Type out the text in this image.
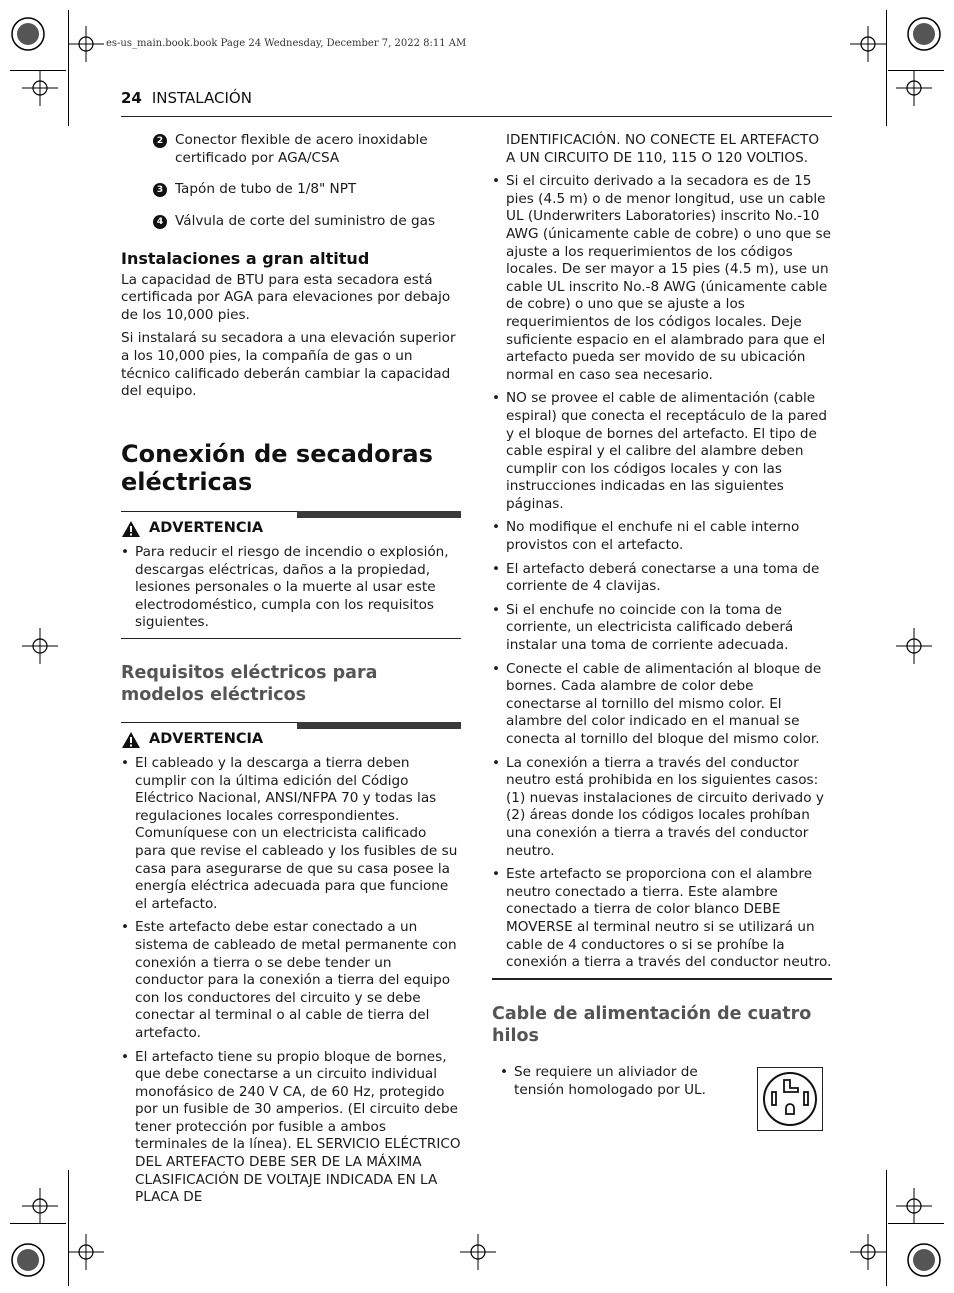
es-us_main.book.book Page 24 Wednesday, December 7, 2022 8:11 AM
24 INSTALACIÓN
2 Conector flexible de acero inoxidable certificado por AGA/CSA
3 Tapón de tubo de 1/8" NPT
4 Válvula de corte del suministro de gas
Instalaciones a gran altitud

La capacidad de BTU para esta secadora está certificada por AGA para elevaciones por debajo de los 10,000 pies.

Si instalará su secadora a una elevación superior a los 10,000 pies, la compañía de gas o un técnico calificado deberán cambiar la capacidad del equipo.

Conexión de secadoras eléctricas
ADVERTENCIA
• Para reducir el riesgo de incendio o explosión, descargas eléctricas, daños a la propiedad, lesiones personales o la muerte al usar este electrodoméstico, cumpla con los requisitos siguientes.
Requisitos eléctricos para modelos eléctricos
ADVERTENCIA
• El cableado y la descarga a tierra deben cumplir con la última edición del Código Eléctrico Nacional, ANSI/NFPA 70 y todas las regulaciones locales correspondientes. Comuníquese con un electricista calificado para que revise el cableado y los fusibles de su casa para asegurarse de que su casa posee la energía eléctrica adecuada para que funcione el artefacto.
• Este artefacto debe estar conectado a un sistema de cableado de metal permanente con conexión a tierra o se debe tender un conductor para la conexión a tierra del equipo con los conductores del circuito y se debe conectar al terminal o al cable de tierra del artefacto.
• El artefacto tiene su propio bloque de bornes, que debe conectarse a un circuito individual monofásico de 240 V CA, de 60 Hz, protegido por un fusible de 30 amperios. (El circuito debe tener protección por fusible a ambos terminales de la línea). EL SERVICIO ELÉCTRICO DEL ARTEFACTO DEBE SER DE LA MÁXIMA CLASIFICACIÓN DE VOLTAJE INDICADA EN LA PLACA DE

IDENTIFICACIÓN. NO CONECTE EL ARTEFACTO A UN CIRCUITO DE 110, 115 O 120 VOLTIOS.

• Si el circuito derivado a la secadora es de 15 pies (4.5 m) o de menor longitud, use un cable UL (Underwriters Laboratories) inscrito No.-10 AWG (únicamente cable de cobre) o uno que se ajuste a los requerimientos de los códigos locales. De ser mayor a 15 pies (4.5 m), use un cable UL inscrito No.-8 AWG (únicamente cable de cobre) o uno que se ajuste a los requerimientos de los códigos locales. Deje suficiente espacio en el alambrado para que el artefacto pueda ser movido de su ubicación normal en caso sea necesario.
• NO se provee el cable de alimentación (cable espiral) que conecta el receptáculo de la pared y el bloque de bornes del artefacto. El tipo de cable espiral y el calibre del alambre deben cumplir con los códigos locales y con las instrucciones indicadas en las siguientes páginas.
• No modifique el enchufe ni el cable interno provistos con el artefacto.
• El artefacto deberá conectarse a una toma de corriente de 4 clavijas.
• Si el enchufe no coincide con la toma de corriente, un electricista calificado deberá instalar una toma de corriente adecuada.
• Conecte el cable de alimentación al bloque de bornes. Cada alambre de color debe conectarse al tornillo del mismo color. El alambre del color indicado en el manual se conecta al tornillo del bloque del mismo color.
• La conexión a tierra a través del conductor neutro está prohibida en los siguientes casos: (1) nuevas instalaciones de circuito derivado y (2) áreas donde los códigos locales prohíban una conexión a tierra a través del conductor neutro.
• Este artefacto se proporciona con el alambre neutro conectado a tierra. Este alambre conectado a tierra de color blanco DEBE MOVERSE al terminal neutro si se utilizará un cable de 4 conductores o si se prohíbe la conexión a tierra a través del conductor neutro.
Cable de alimentación de cuatro hilos
• Se requiere un aliviador de tensión homologado por UL.
